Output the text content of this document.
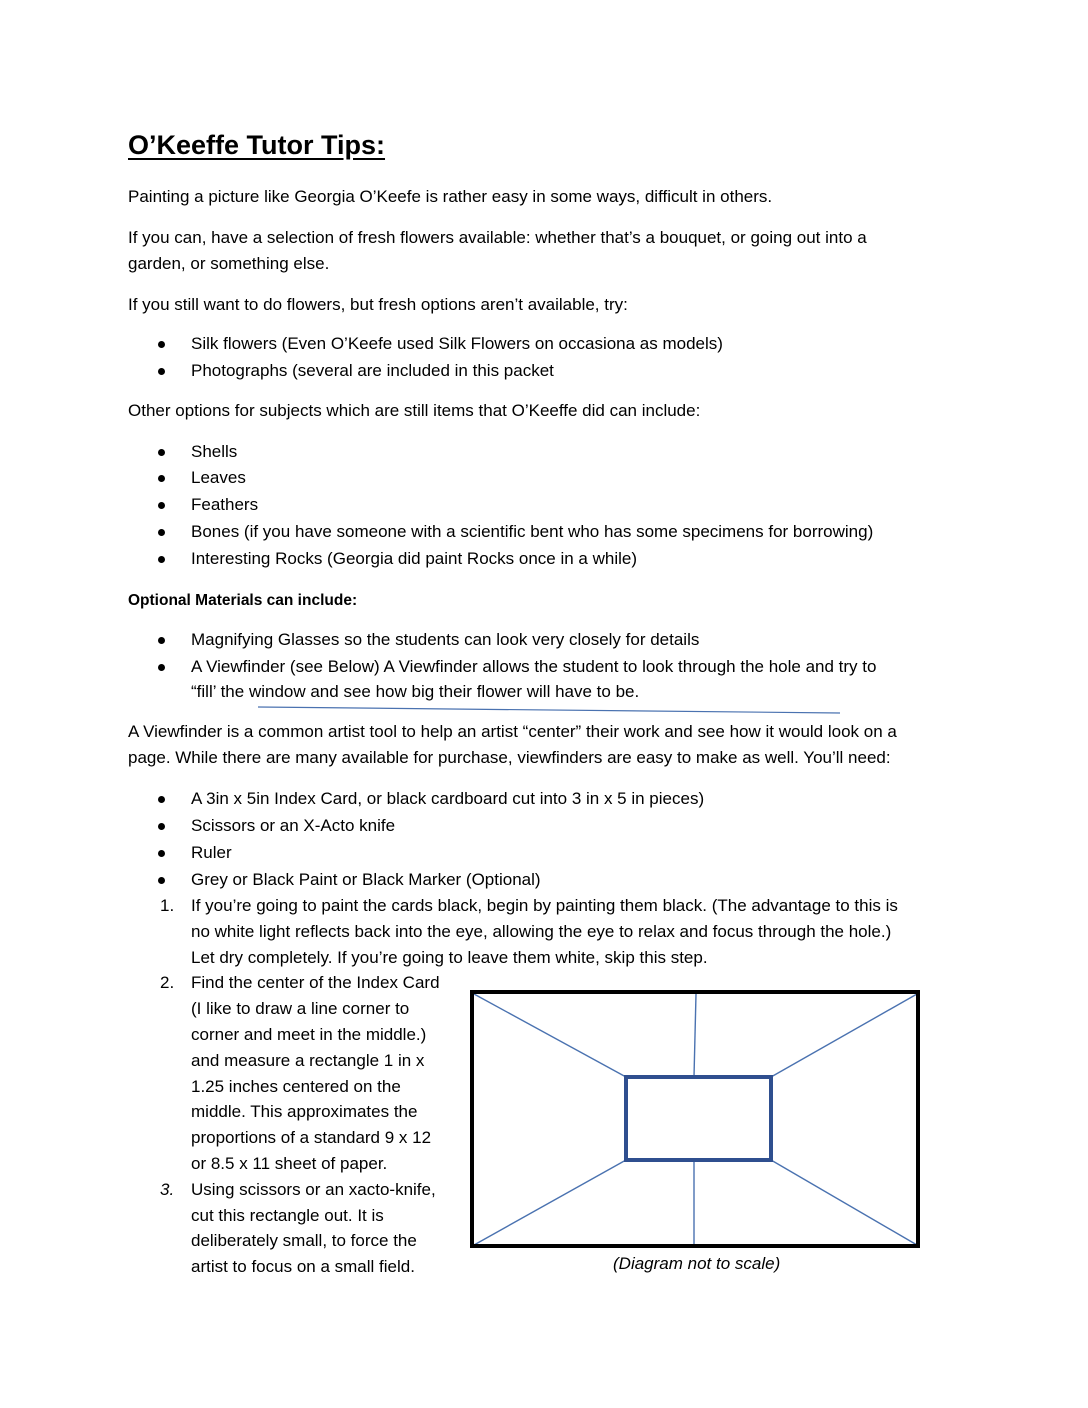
O’Keeffe Tutor Tips:
Painting a picture like Georgia O’Keefe is rather easy in some ways, difficult in others.
If you can, have a selection of fresh flowers available: whether that’s a bouquet, or going out into a
garden, or something else.
If you still want to do flowers, but fresh options aren’t available, try:
Silk flowers (Even O’Keefe used Silk Flowers on occasiona as models)
Photographs (several are included in this packet
Other options for subjects which are still items that O’Keeffe did can include:
Shells
Leaves
Feathers
Bones (if you have someone with a scientific bent who has some specimens for borrowing)
Interesting Rocks (Georgia did paint Rocks once in a while)
Optional Materials can include:
Magnifying Glasses so the students can look very closely for details
A Viewfinder (see Below) A Viewfinder allows the student to look through the hole and try to
“fill’ the window and see how big their flower will have to be.
A Viewfinder is a common artist tool to help an artist “center” their work and see how it would look on a
page. While there are many available for purchase, viewfinders are easy to make as well. You’ll need:
A 3in x 5in Index Card, or black cardboard cut into 3 in x 5 in pieces)
Scissors or an X-Acto knife
Ruler
Grey or Black Paint or Black Marker (Optional)
1. If you’re going to paint the cards black, begin by painting them black. (The advantage to this is
no white light reflects back into the eye, allowing the eye to relax and focus through the hole.)
Let dry completely. If you’re going to leave them white, skip this step.
2. Find the center of the Index Card
(I like to draw a line corner to
corner and meet in the middle.)
and measure a rectangle 1 in x
1.25 inches centered on the
middle. This approximates the
proportions of a standard 9 x 12
or 8.5 x 11 sheet of paper.
3. Using scissors or an xacto-knife,
cut this rectangle out. It is
deliberately small, to force the
artist to focus on a small field.	(Diagram not to scale)
